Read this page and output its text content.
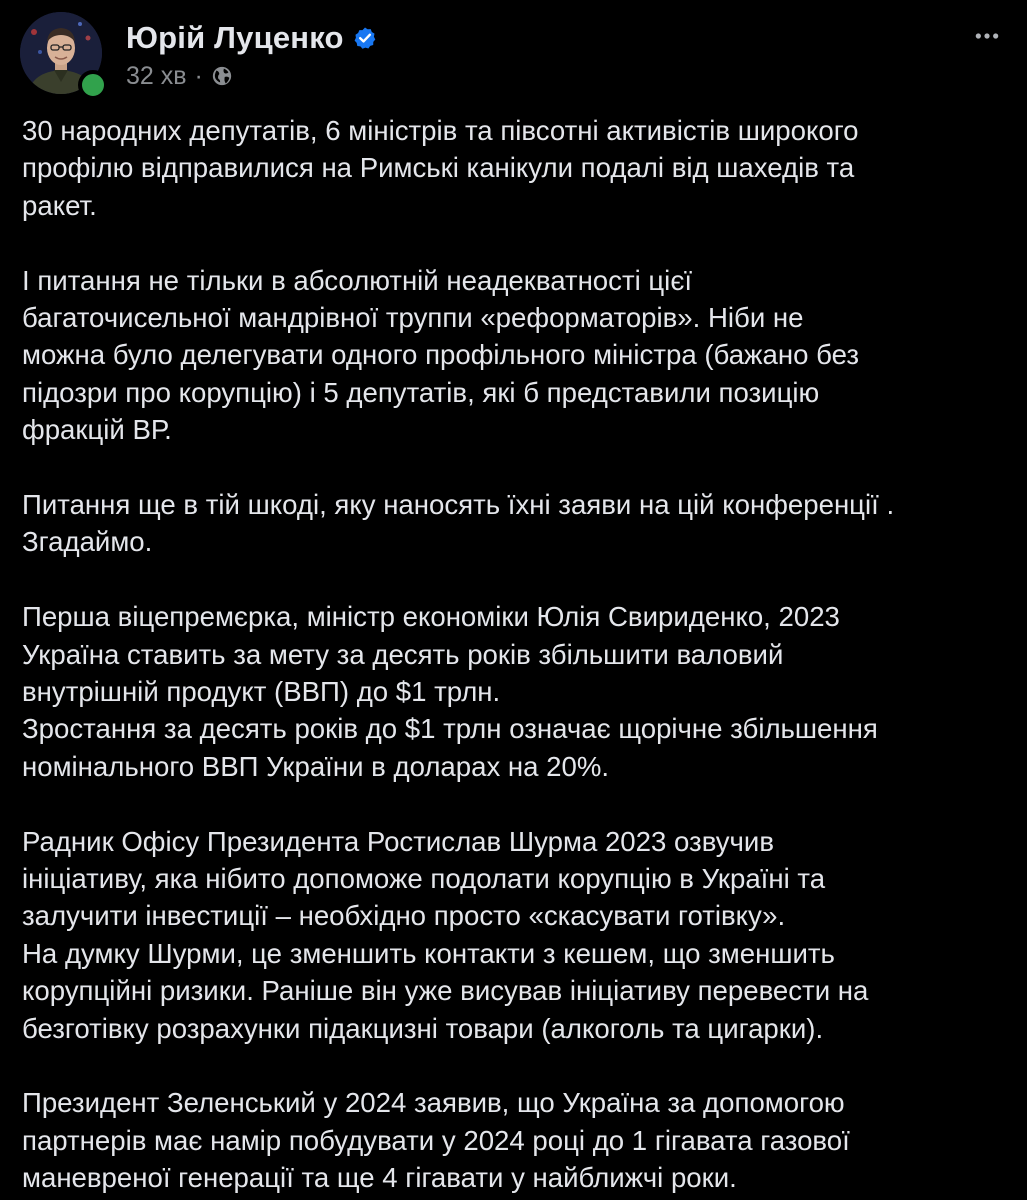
Юрій Луценко
32 хв ·

30 народних депутатів, 6 міністрів та півсотні активістів широкого
профілю відправилися на Римські канікули подалі від шахедів та
ракет.

І питання не тільки в абсолютній неадекватності цієї
багаточисельної мандрівної труппи «реформаторів». Ніби не
можна було делегувати одного профільного міністра (бажано без
підозри про корупцію) і 5 депутатів, які б представили позицію
фракцій ВР.

Питання ще в тій шкоді, яку наносять їхні заяви на цій конференції .
Згадаймо.

Перша віцепремєрка, міністр економіки Юлія Свириденко, 2023
Україна ставить за мету за десять років збільшити валовий
внутрішній продукт (ВВП) до $1 трлн.
Зростання за десять років до $1 трлн означає щорічне збільшення
номінального ВВП України в доларах на 20%.

Радник Офісу Президента Ростислав Шурма 2023 озвучив
ініціативу, яка нібито допоможе подолати корупцію в Україні та
залучити інвестиції – необхідно просто «скасувати готівку».
На думку Шурми, це зменшить контакти з кешем, що зменшить
корупційні ризики. Раніше він уже висував ініціативу перевести на
безготівку розрахунки підакцизні товари (алкоголь та цигарки).

Президент Зеленський у 2024 заявив, що Україна за допомогою
партнерів має намір побудувати у 2024 році до 1 гігавата газової
маневреної генерації та ще 4 гігавати у найближчі роки.
